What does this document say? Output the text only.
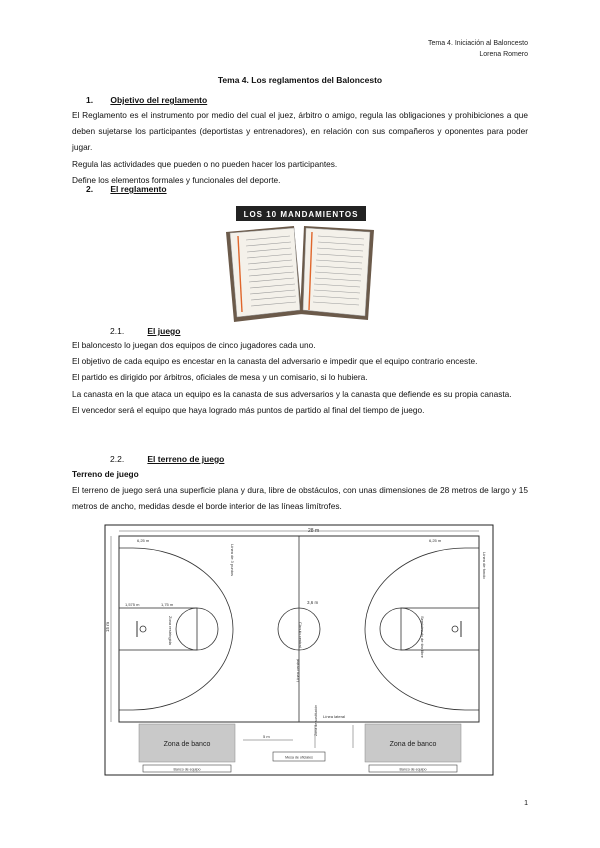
Tema 4. Iniciación al Baloncesto
Lorena Romero
Tema 4. Los reglamentos del Baloncesto
1. Objetivo del reglamento

El Reglamento es el instrumento por medio del cual el juez, árbitro o amigo, regula las obligaciones y prohibiciones a que deben sujetarse los participantes (deportistas y entrenadores), en relación con sus compañeros y oponentes para poder jugar.

Regula las actividades que pueden o no pueden hacer los participantes.

Define los elementos formales y funcionales del deporte.

2. El reglamento
LOS 10 MANDAMIENTOS
2.1.	El juego

El baloncesto lo juegan dos equipos de cinco jugadores cada uno.

El objetivo de cada equipo es encestar en la canasta del adversario e impedir que el equipo contrario enceste.

El partido es dirigido por árbitros, oficiales de mesa y un comisario, si lo hubiera.

La canasta en la que ataca un equipo es la canasta de sus adversarios y la canasta que defiende es su propia canasta.

El vencedor será el equipo que haya logrado más puntos de partido al final del tiempo de juego.

2.2.	El terreno de juego

Terreno de juego

El terreno de juego será una superficie plana y dura, libre de obstáculos, con unas dimensiones de 28 metros de largo y 15 metros de ancho, medidas desde el borde interior de las líneas limítrofes.

28 m
15 m
6,25 m	6,25 m
3,6 m
1,575 m	1,75 m
Círculo central
Línea central
Línea lateral
Línea de fondo
Línea de 3 puntos
Zona restringida	Semicírculo de tiro libre
Zona de banco	Zona de banco
Banco de equipo	Banco de equipo
Mesa de oficiales
5 m
Zona de sustitución
1
